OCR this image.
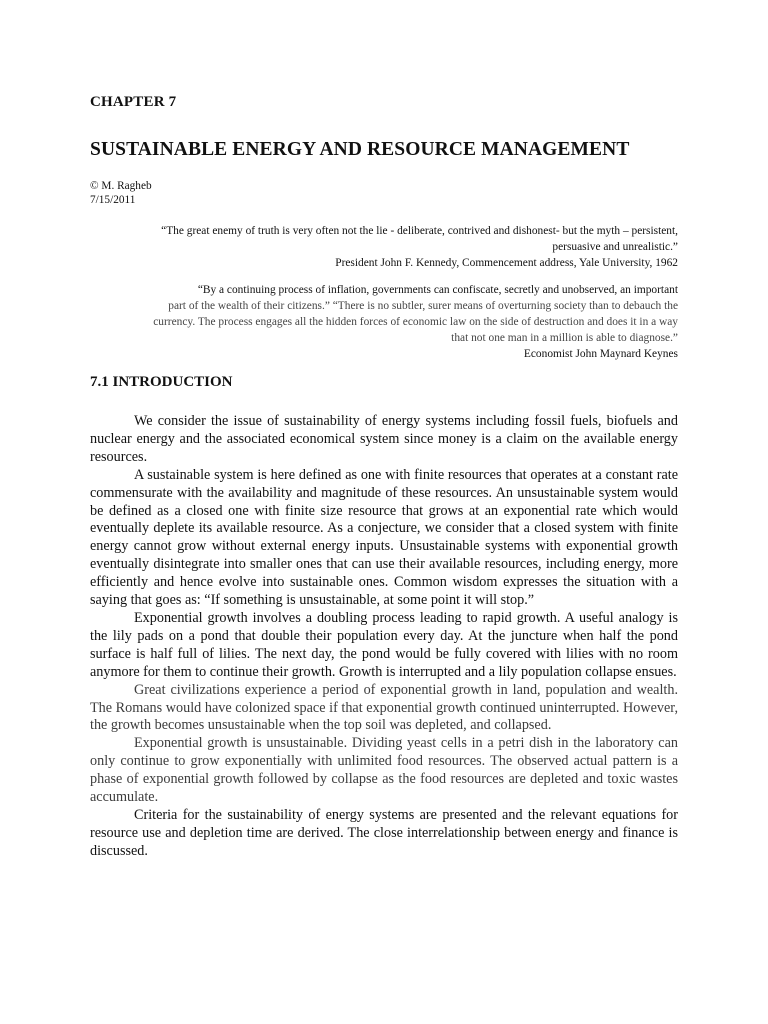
CHAPTER 7
SUSTAINABLE ENERGY AND RESOURCE MANAGEMENT
© M. Ragheb
7/15/2011
“The great enemy of truth is very often not the lie - deliberate, contrived and dishonest- but the myth – persistent,
persuasive and unrealistic.”
President John F. Kennedy, Commencement address, Yale University, 1962
“By a continuing process of inflation, governments can confiscate, secretly and unobserved, an important
part of the wealth of their citizens.” “There is no subtler, surer means of overturning society than to debauch the
currency. The process engages all the hidden forces of economic law on the side of destruction and does it in a way
that not one man in a million is able to diagnose.”
Economist John Maynard Keynes
7.1 INTRODUCTION

We consider the issue of sustainability of energy systems including fossil fuels, biofuels and nuclear energy and the associated economical system since money is a claim on the available energy resources.

A sustainable system is here defined as one with finite resources that operates at a constant rate commensurate with the availability and magnitude of these resources. An unsustainable system would be defined as a closed one with finite size resource that grows at an exponential rate which would eventually deplete its available resource. As a conjecture, we consider that a closed system with finite energy cannot grow without external energy inputs. Unsustainable systems with exponential growth eventually disintegrate into smaller ones that can use their available resources, including energy, more efficiently and hence evolve into sustainable ones. Common wisdom expresses the situation with a saying that goes as: “If something is unsustainable, at some point it will stop.”

Exponential growth involves a doubling process leading to rapid growth. A useful analogy is the lily pads on a pond that double their population every day. At the juncture when half the pond surface is half full of lilies. The next day, the pond would be fully covered with lilies with no room anymore for them to continue their growth. Growth is interrupted and a lily population collapse ensues.

Great civilizations experience a period of exponential growth in land, population and wealth. The Romans would have colonized space if that exponential growth continued uninterrupted. However, the growth becomes unsustainable when the top soil was depleted, and collapsed.

Exponential growth is unsustainable. Dividing yeast cells in a petri dish in the laboratory can only continue to grow exponentially with unlimited food resources. The observed actual pattern is a phase of exponential growth followed by collapse as the food resources are depleted and toxic wastes accumulate.

Criteria for the sustainability of energy systems are presented and the relevant equations for resource use and depletion time are derived. The close interrelationship between energy and finance is discussed.
